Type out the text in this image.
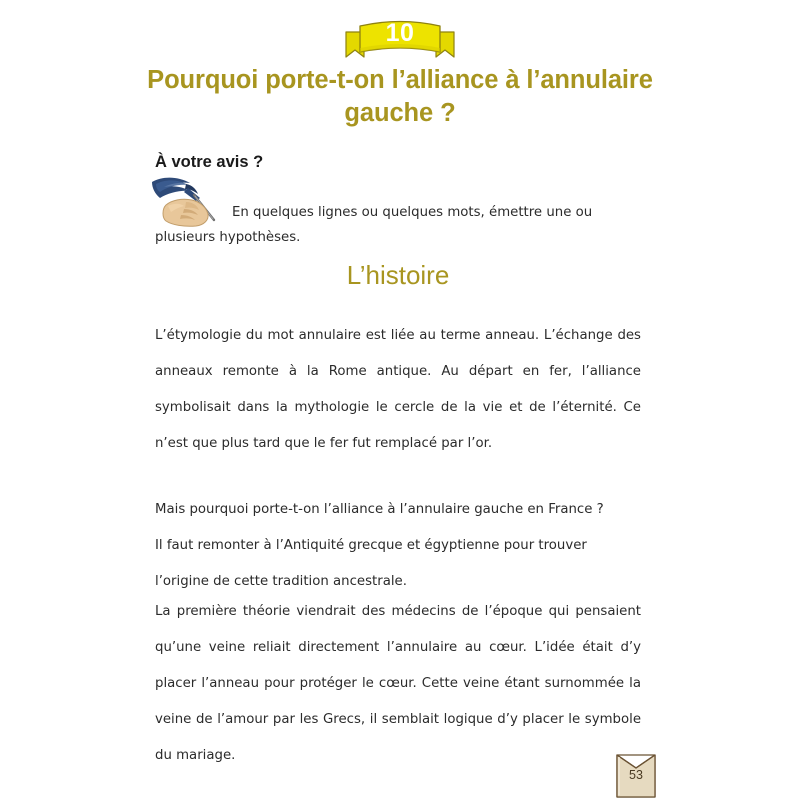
10
Pourquoi porte-t-on l’alliance à l’annulaire gauche ?
À votre avis ?
En quelques lignes ou quelques mots, émettre une ou plusieurs hypothèses.
L’histoire

L’étymologie du mot annulaire est liée au terme anneau. L’échange des anneaux remonte à la Rome antique. Au départ en fer, l’alliance symbolisait dans la mythologie le cercle de la vie et de l’éternité. Ce n’est que plus tard que le fer fut remplacé par l’or.

Mais pourquoi porte-t-on l’alliance à l’annulaire gauche en France ?

Il faut remonter à l’Antiquité grecque et égyptienne pour trouver l’origine de cette tradition ancestrale.

La première théorie viendrait des médecins de l’époque qui pensaient qu’une veine reliait directement l’annulaire au cœur. L’idée était d’y placer l’anneau pour protéger le cœur. Cette veine étant surnommée la veine de l’amour par les Grecs, il semblait logique d’y placer le symbole du mariage.

53
